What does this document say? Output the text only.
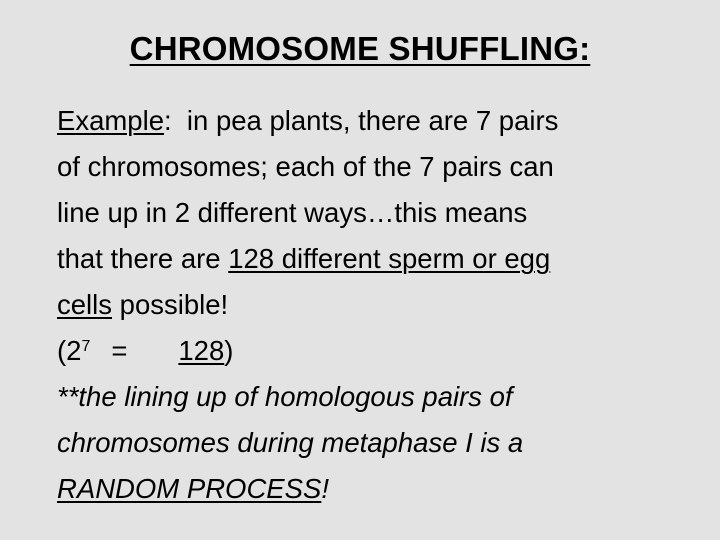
CHROMOSOME SHUFFLING:
Example:  in pea plants, there are 7 pairs
of chromosomes; each of the 7 pairs can
line up in 2 different ways…this means
that there are 128 different sperm or egg
cells possible!
$(2^7 = 128)$
**the lining up of homologous pairs of
chromosomes during metaphase I is a
RANDOM PROCESS!
